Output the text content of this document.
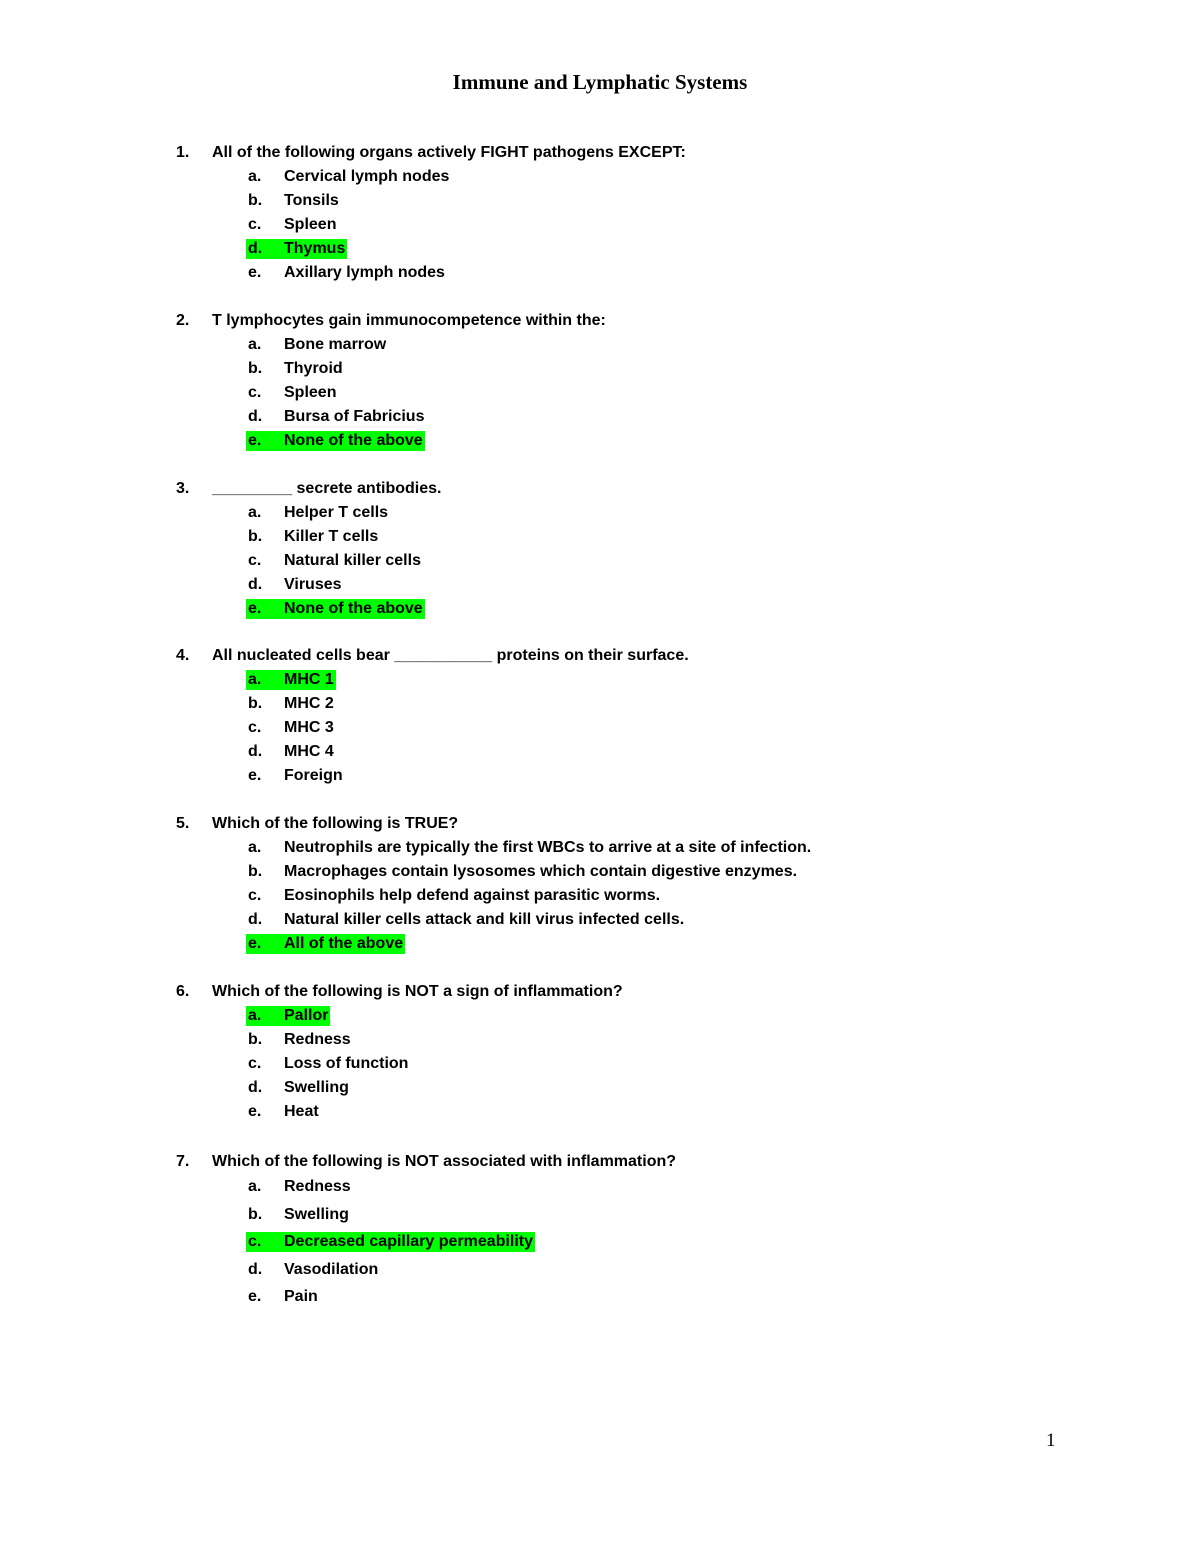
Immune and Lymphatic Systems
1. All of the following organs actively FIGHT pathogens EXCEPT:
a. Cervical lymph nodes
b. Tonsils
c. Spleen
d. Thymus
e. Axillary lymph nodes
2. T lymphocytes gain immunocompetence within the:
a. Bone marrow
b. Thyroid
c. Spleen
d. Bursa of Fabricius
e. None of the above
3. _________ secrete antibodies.
a. Helper T cells
b. Killer T cells
c. Natural killer cells
d. Viruses
e. None of the above
4. All nucleated cells bear ___________ proteins on their surface.
a. MHC 1
b. MHC 2
c. MHC 3
d. MHC 4
e. Foreign
5. Which of the following is TRUE?
a. Neutrophils are typically the first WBCs to arrive at a site of infection.
b. Macrophages contain lysosomes which contain digestive enzymes.
c. Eosinophils help defend against parasitic worms.
d. Natural killer cells attack and kill virus infected cells.
e. All of the above
6. Which of the following is NOT a sign of inflammation?
a. Pallor
b. Redness
c. Loss of function
d. Swelling
e. Heat
7. Which of the following is NOT associated with inflammation?
a. Redness
b. Swelling
c. Decreased capillary permeability
d. Vasodilation
e. Pain
1
